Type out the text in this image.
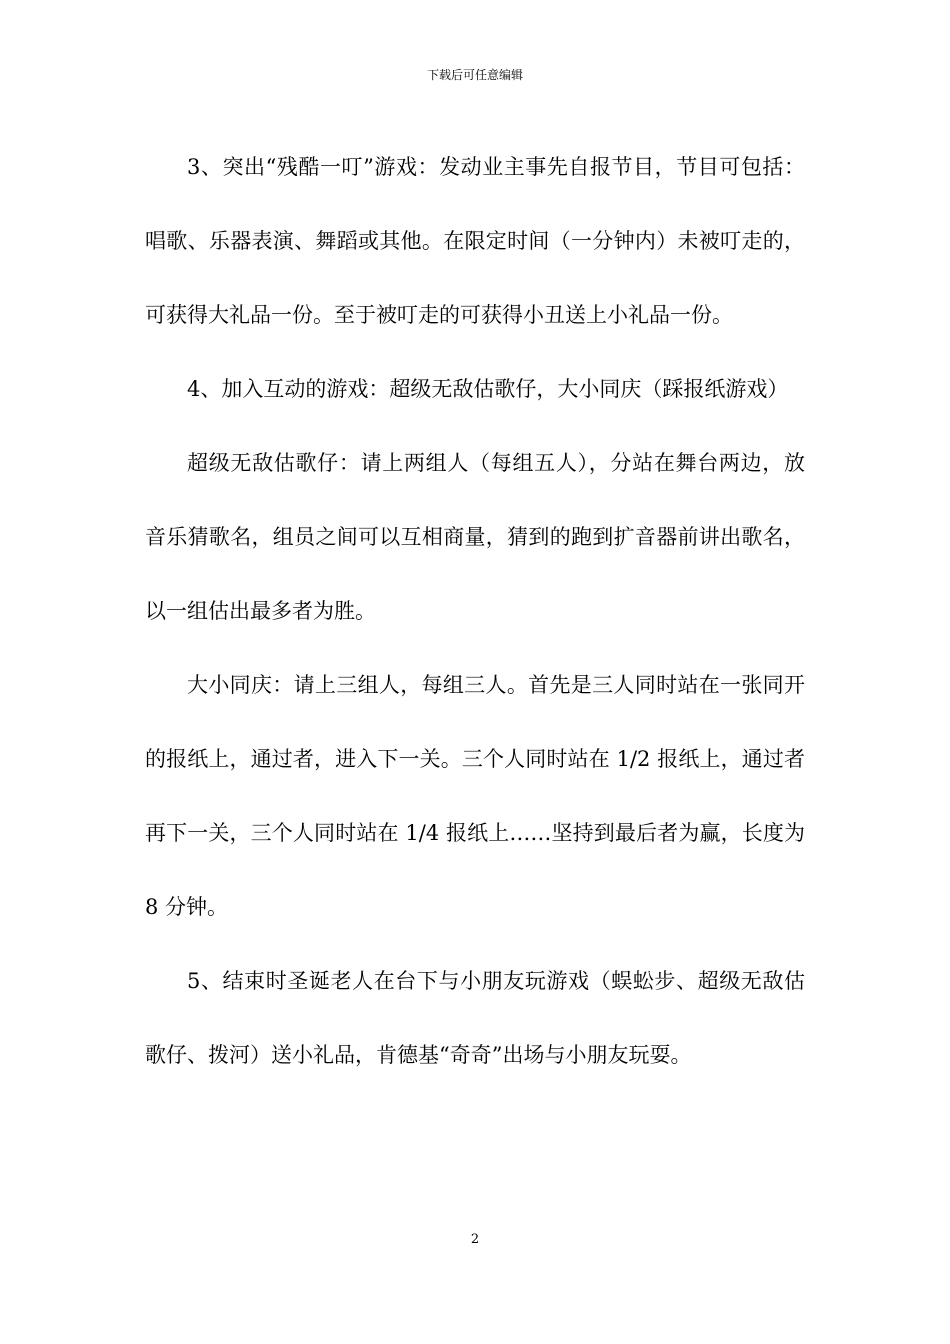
下载后可任意编辑

3、突出“残酷一叮”游戏：发动业主事先自报节目，节目可包括：唱歌、乐器表演、舞蹈或其他。在限定时间（一分钟内）未被叮走的，可获得大礼品一份。至于被叮走的可获得小丑送上小礼品一份。

4、加入互动的游戏：超级无敌估歌仔，大小同庆（踩报纸游戏）

超级无敌估歌仔：请上两组人（每组五人），分站在舞台两边，放音乐猜歌名，组员之间可以互相商量，猜到的跑到扩音器前讲出歌名，以一组估出最多者为胜。

大小同庆：请上三组人，每组三人。首先是三人同时站在一张同开的报纸上，通过者，进入下一关。三个人同时站在 1/2 报纸上，通过者再下一关，三个人同时站在 1/4 报纸上……坚持到最后者为赢，长度为 8 分钟。

5、结束时圣诞老人在台下与小朋友玩游戏（蜈蚣步、超级无敌估歌仔、拨河）送小礼品，肯德基“奇奇”出场与小朋友玩耍。

2
